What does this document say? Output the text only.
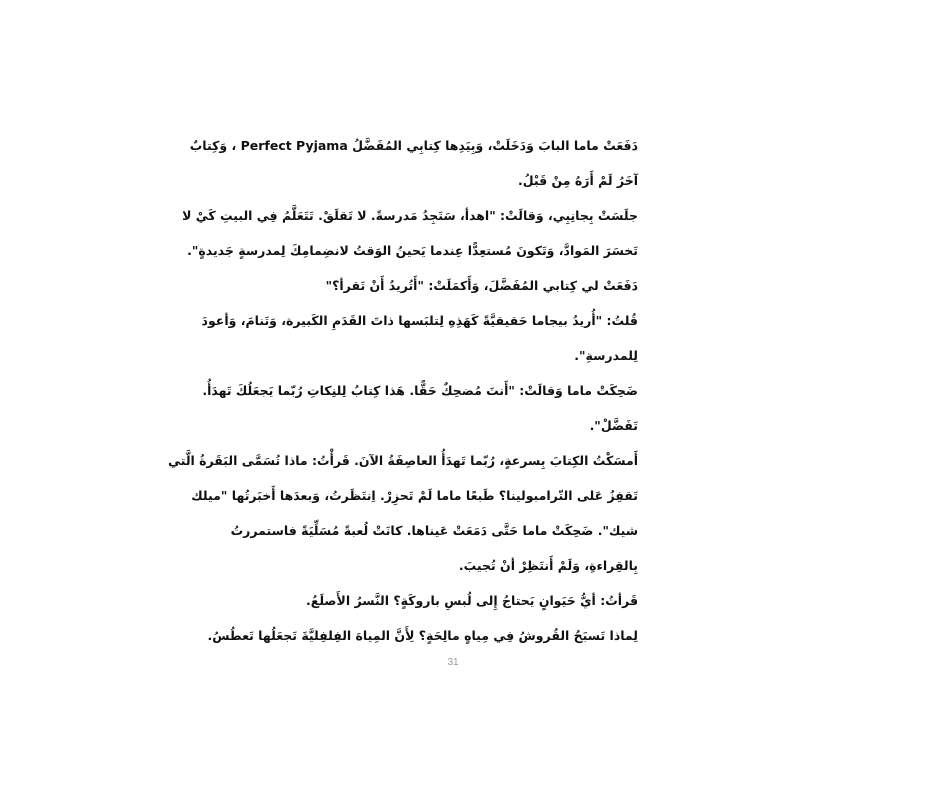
دَفَعَتْ ماما البابَ وَدَخَلَتْ، وَبِيَدِها كِتابِي المُفَضَّلُ Perfect Pyjama ، وَكِتابٌ
آخَرُ لَمْ أَرَهُ مِنْ قَبْلُ.
جلَسَتْ بِجانِبِي، وَقالَتْ: "اهدأ، سَتَجِدُ مَدرسةً. لا تَقلَقْ. تَتَعَلَّمُ فِي البيتِ كَيْ لا
تَخسَرَ المَوادَّ، وَتَكونَ مُستعِدًّا عِندما يَحينُ الوَقتُ لانضِمامِكَ لِمدرسةٍ جَديدةٍ".
دَفَعَتْ لي كِتابي المُفَضَّلَ، وَأَكمَلَتْ: "أَتُريدُ أَنْ تَقرأ؟"
قُلتُ: "أُريدُ بيجاما حَقيقيَّةً كَهَذِهِ لِتلبَسها ذاتَ القَدَمِ الكَبيرة، وَتَنامَ، وَأعودَ
لِلمدرسةِ".
ضَحِكَتْ ماما وَقالَتْ: "أَنتَ مُضحِكٌ حَقًّا. هَذا كِتابُ لِلنِكاتِ رُبّما يَجعَلُكَ تَهدَأُ.
تَفَضَّلْ".
أَمسَكْتُ الكِتابَ بِسرعةٍ، رُبّما تَهدَأُ العاصِفَةُ الآنَ. قَرأْتُ: ماذا تُسَمَّى البَقَرةُ الَّتي
تَقفِزُ عَلى التّرامبولينا؟ طَبعًا ماما لَمْ تَحزِرْ. اِنتَظَرتُ، وَبعدَها أَخبَرتُها "ميلك
شيك". ضَحِكَتْ ماما حَتَّى دَمَعَتْ عَيناها. كانَتْ لُعبةً مُسَلِّيَةً فاستمررتُ
بِالقِراءةِ، وَلَمْ أَنتَظِرْ أنْ تُجيبَ.
قَرأتُ: أيُّ حَيَوانٍ يَحتاجُ إِلى لُبسِ باروكَةٍ؟ النَّسرُ الأَصلَعُ.
لِماذا تَسبَحُ القُروشُ فِي مِياهٍ مالِحَةٍ؟ لِأَنَّ المِياهَ الفِلفِليَّةَ تَجعَلُها تَعطُسُ.
31
